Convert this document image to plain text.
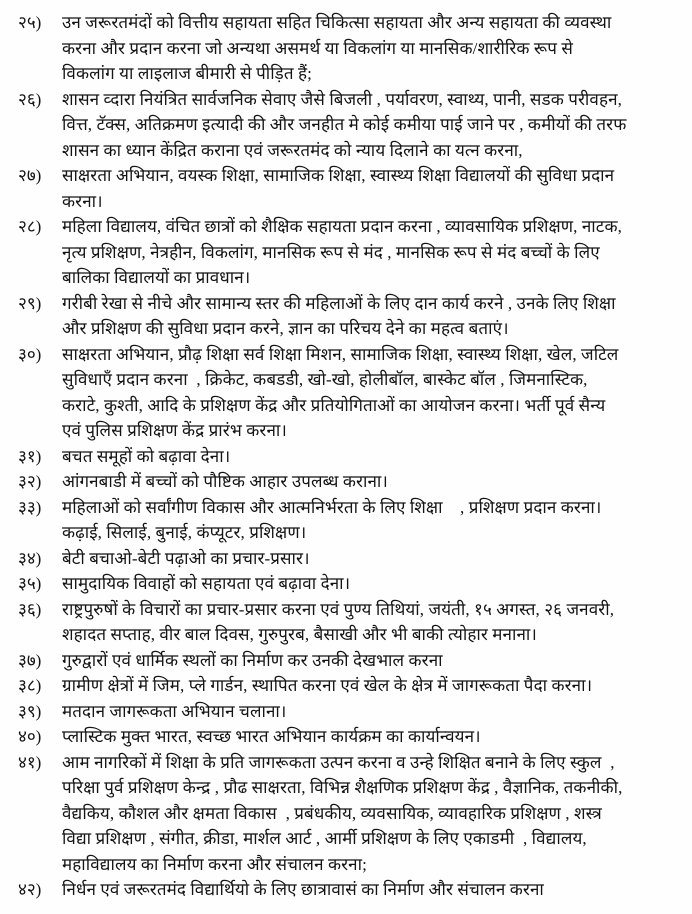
२५)	उन जरूरतमंदों को वित्तीय सहायता सहित चिकित्सा सहायता और अन्य सहायता की व्यवस्था
करना और प्रदान करना जो अन्यथा असमर्थ या विकलांग या मानसिक/शारीरिक रूप से
विकलांग या लाइलाज बीमारी से पीड़ित हैं;
२६)	शासन व्दारा नियंत्रित सार्वजनिक सेवाए जैसे बिजली , पर्यावरण, स्वाथ्य, पानी, सडक परीवहन,
वित्त, टॅक्स, अतिक्रमण इत्यादी की और जनहीत मे कोई कमीया पाई जाने पर , कमीयों की तरफ
शासन का ध्यान केंद्रित कराना एवं जरूरतमंद को न्याय दिलाने का यत्न करना,
२७)	साक्षरता अभियान, वयस्क शिक्षा, सामाजिक शिक्षा, स्वास्थ्य शिक्षा विद्यालयों की सुविधा प्रदान
करना।
२८)	महिला विद्यालय, वंचित छात्रों को शैक्षिक सहायता प्रदान करना , व्यावसायिक प्रशिक्षण, नाटक,
नृत्य प्रशिक्षण, नेत्रहीन, विकलांग, मानसिक रूप से मंद , मानसिक रूप से मंद बच्चों के लिए
बालिका विद्यालयों का प्रावधान।
२९)	गरीबी रेखा से नीचे और सामान्य स्तर की महिलाओं के लिए दान कार्य करने , उनके लिए शिक्षा
और प्रशिक्षण की सुविधा प्रदान करने, ज्ञान का परिचय देने का महत्व बताएं।
३०)	साक्षरता अभियान, प्रौढ़ शिक्षा सर्व शिक्षा मिशन, सामाजिक शिक्षा, स्वास्थ्य शिक्षा, खेल, जटिल
सुविधाएँ प्रदान करना  , क्रिकेट, कबडडी, खो-खो, होलीबॉल, बास्केट बॉल , जिमनास्टिक,
कराटे, कुश्ती, आदि के प्रशिक्षण केंद्र और प्रतियोगिताओं का आयोजन करना। भर्ती पूर्व सैन्य
एवं पुलिस प्रशिक्षण केंद्र प्रारंभ करना।
३१)	बचत समूहों को बढ़ावा देना।
३२)	आंगनबाडी में बच्चों को पौष्टिक आहार उपलब्ध कराना।
३३)	महिलाओं को सर्वांगीण विकास और आत्मनिर्भरता के लिए शिक्षा    , प्रशिक्षण प्रदान करना।
कढ़ाई, सिलाई, बुनाई, कंप्यूटर, प्रशिक्षण।
३४)	बेटी बचाओ-बेटी पढ़ाओ का प्रचार-प्रसार।
३५)	सामुदायिक विवाहों को सहायता एवं बढ़ावा देना।
३६)	राष्ट्रपुरुषों के विचारों का प्रचार-प्रसार करना एवं पुण्य तिथियां, जयंती, १५ अगस्त, २६ जनवरी,
शहादत सप्ताह, वीर बाल दिवस, गुरुपुरब, बैसाखी और भी बाकी त्योहार मनाना।
३७)	गुरुद्वारों एवं धार्मिक स्थलों का निर्माण कर उनकी देखभाल करना
३८)	ग्रामीण क्षेत्रों में जिम, प्ले गार्डन, स्थापित करना एवं खेल के क्षेत्र में जागरूकता पैदा करना।
३९)	मतदान जागरूकता अभियान चलाना।
४०)	प्लास्टिक मुक्त भारत, स्वच्छ भारत अभियान कार्यक्रम का कार्यान्वयन।
४१)	आम नागरिकों में शिक्षा के प्रति जागरूकता उत्पन करना व उन्हे शिक्षित बनाने के लिए स्कुल  ,
परिक्षा पुर्व प्रशिक्षण केन्द्र , प्रौढ साक्षरता, विभिन्न शैक्षणिक प्रशिक्षण केंद्र , वैज्ञानिक, तकनीकी,
वैद्यकिय, कौशल और क्षमता विकास  , प्रबंधकीय, व्यवसायिक, व्यावहारिक प्रशिक्षण , शस्त्र
विद्या प्रशिक्षण , संगीत, क्रीडा, मार्शल आर्ट , आर्मी प्रशिक्षण के लिए एकाडमी  , विद्यालय,
महाविद्यालय का निर्माण करना और संचालन करना;
४२)	निर्धन एवं जरूरतमंद विद्यार्थियो के लिए छात्रावासं का निर्माण और संचालन करना
